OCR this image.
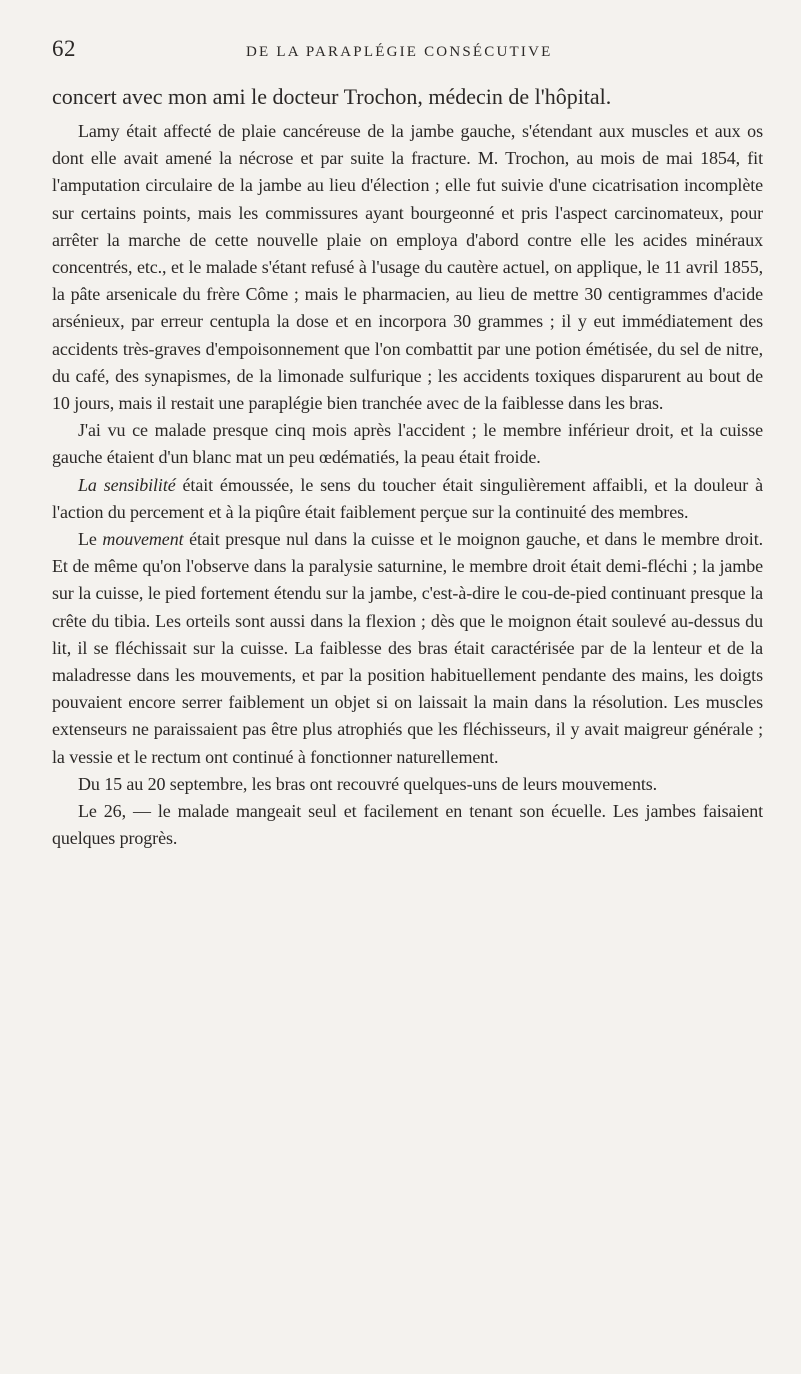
62	DE LA PARAPLÉGIE CONSÉCUTIVE

concert avec mon ami le docteur Trochon, médecin de l'hôpital.

Lamy était affecté de plaie cancéreuse de la jambe gauche, s'étendant aux muscles et aux os dont elle avait amené la nécrose et par suite la fracture. M. Trochon, au mois de mai 1854, fit l'amputation circulaire de la jambe au lieu d'élection ; elle fut suivie d'une cicatrisation incomplète sur certains points, mais les commissures ayant bourgeonné et pris l'aspect carcinomateux, pour arrêter la marche de cette nouvelle plaie on employa d'abord contre elle les acides minéraux concentrés, etc., et le malade s'étant refusé à l'usage du cautère actuel, on applique, le 11 avril 1855, la pâte arsenicale du frère Côme ; mais le pharmacien, au lieu de mettre 30 centigrammes d'acide arsénieux, par erreur centupla la dose et en incorpora 30 grammes ; il y eut immédiatement des accidents très-graves d'empoisonnement que l'on combattit par une potion émétisée, du sel de nitre, du café, des synapismes, de la limonade sulfurique ; les accidents toxiques disparurent au bout de 10 jours, mais il restait une paraplégie bien tranchée avec de la faiblesse dans les bras.

J'ai vu ce malade presque cinq mois après l'accident ; le membre inférieur droit, et la cuisse gauche étaient d'un blanc mat un peu œdématiés, la peau était froide.

La sensibilité était émoussée, le sens du toucher était singulièrement affaibli, et la douleur à l'action du percement et à la piqûre était faiblement perçue sur la continuité des membres.

Le mouvement était presque nul dans la cuisse et le moignon gauche, et dans le membre droit. Et de même qu'on l'observe dans la paralysie saturnine, le membre droit était demi-fléchi ; la jambe sur la cuisse, le pied fortement étendu sur la jambe, c'est-à-dire le cou-de-pied continuant presque la crête du tibia. Les orteils sont aussi dans la flexion ; dès que le moignon était soulevé au-dessus du lit, il se fléchissait sur la cuisse. La faiblesse des bras était caractérisée par de la lenteur et de la maladresse dans les mouvements, et par la position habituellement pendante des mains, les doigts pouvaient encore serrer faiblement un objet si on laissait la main dans la résolution. Les muscles extenseurs ne paraissaient pas être plus atrophiés que les fléchisseurs, il y avait maigreur générale ; la vessie et le rectum ont continué à fonctionner naturellement.

Du 15 au 20 septembre, les bras ont recouvré quelques-uns de leurs mouvements.

Le 26, — le malade mangeait seul et facilement en tenant son écuelle. Les jambes faisaient quelques progrès.
